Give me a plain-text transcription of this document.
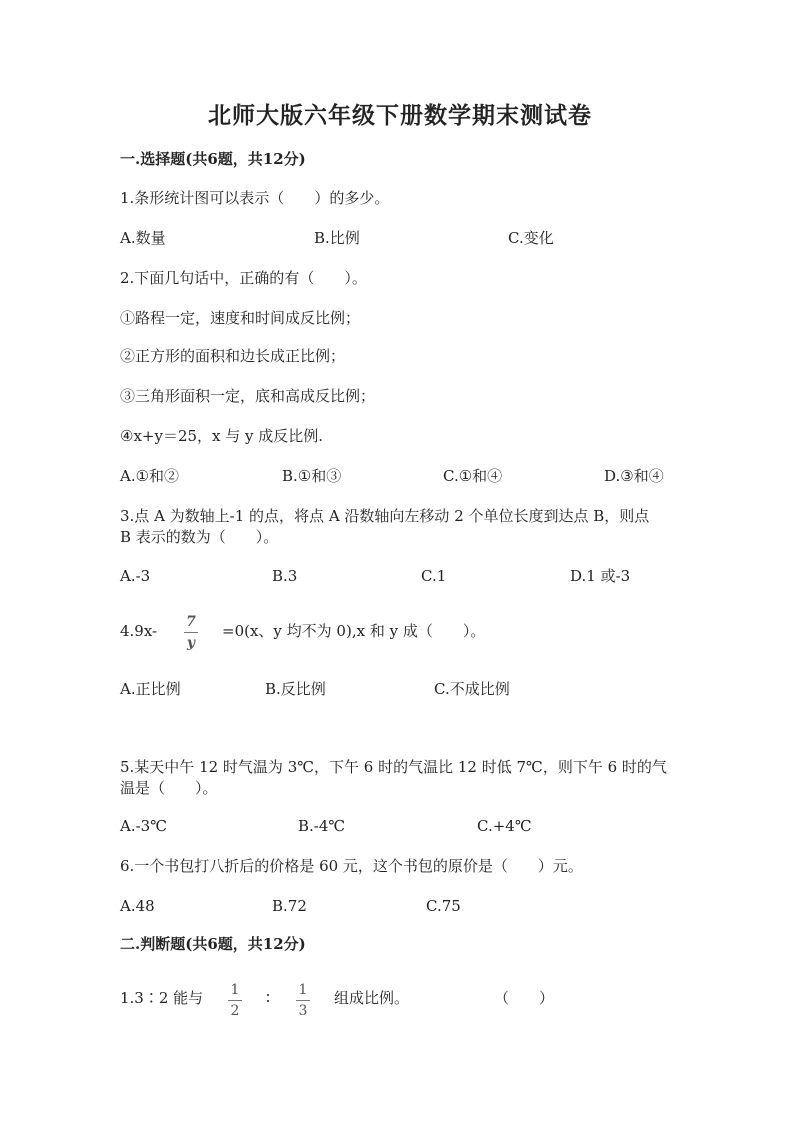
北师大版六年级下册数学期末测试卷
一.选择题(共6题，共12分)
1.条形统计图可以表示（　　）的多少。
A.数量	B.比例	C.变化
2.下面几句话中，正确的有（　　）。
①路程一定，速度和时间成反比例；
②正方形的面积和边长成正比例；
③三角形面积一定，底和高成反比例；
④x+y＝25，x 与 y 成反比例.
A.①和②	B.①和③	C.①和④	D.③和④
3.点 A 为数轴上-1 的点，将点 A 沿数轴向左移动 2 个单位长度到达点 B，则点
B 表示的数为（　　）。
A.-3	B.3	C.1	D.1 或-3
4.9x- 7
y
=0(x、y 均不为 0),x 和 y 成（　　）。
A.正比例	B.反比例	C.不成比例
5.某天中午 12 时气温为 3℃，下午 6 时的气温比 12 时低 7℃，则下午 6 时的气
温是（　　）。
A.-3℃	B.-4℃	C.+4℃
6.一个书包打八折后的价格是 60 元，这个书包的原价是（　　）元。
A.48	B.72	C.75
二.判断题(共6题，共12分)
1.3∶2 能与 1
2
∶ 1
3
组成比例。	（　　）
